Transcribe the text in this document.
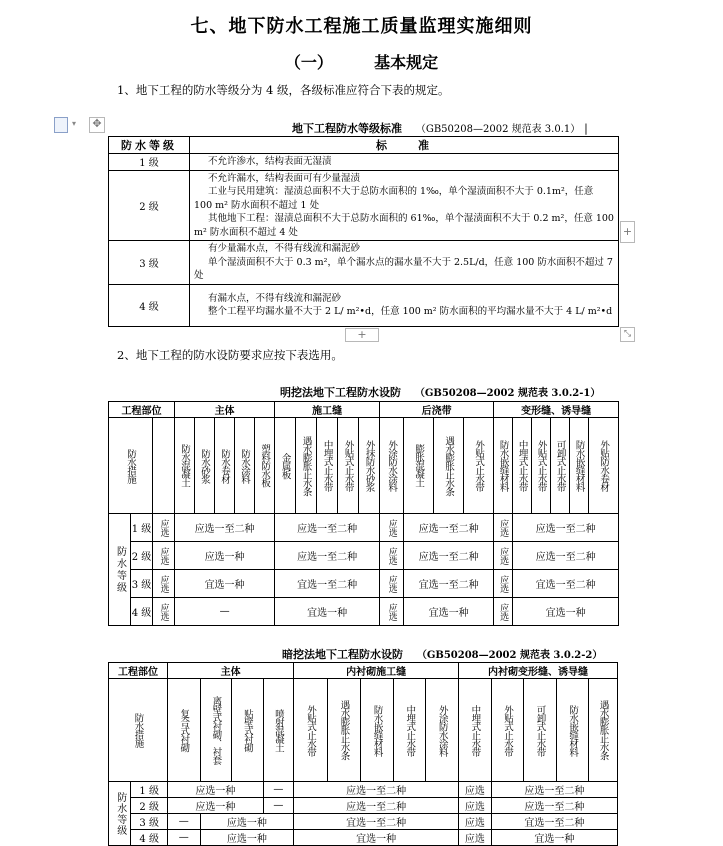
七、地下防水工程施工质量监理实施细则
（一）	基本规定
1、地下工程的防水等级分为 4 级，各级标准应符合下表的规定。
▾	✥	地下工程防水等级标准 （GB50208—2002 规范表 3.0.1） |
防水等级	标　　准
1 级	不允许渗水，结构表面无湿渍

2 级	不允许漏水，结构表面可有少量湿渍
工业与民用建筑：湿渍总面积不大于总防水面积的 1‰，单个湿渍面积不大于 0.1m²，任意 100 m² 防水面积不超过 1 处
其他地下工程：湿渍总面积不大于总防水面积的 61‰，单个湿渍面积不大于 0.2 m²，任意 100 m² 防水面积不超过 4 处

3 级	有少量漏水点，不得有线流和漏泥砂
单个湿渍面积不大于 0.3 m²，单个漏水点的漏水量不大于 2.5L/d，任意 100 防水面积不超过 7 处

4 级	有漏水点，不得有线流和漏泥砂
整个工程平均漏水量不大于 2 L/ m²•d，任意 100 m² 防水面积的平均漏水量不大于 4 L/ m²•d
+
+	⤡
2、地下工程的防水设防要求应按下表选用。
明挖法地下工程防水设防 （GB50208—2002 规范表 3.0.2-1）
工程部位			主体					施工缝					后浇带				变形缝、诱导缝						

防水措施			防水混凝土	防水砂浆	防水卷材	防水涂料	塑料防水板	金属板	遇水膨胀止水条	中埋式止水带	外贴式止水带	外抹防水砂浆	外涂防水涂料	膨胀混凝土	遇水膨胀止水条	外贴式止水带	防水嵌缝材料	中埋式止水带	外贴式止水带	可卸式止水带	防水嵌缝材料	外贴防水卷材

防水等级	1 级	应选	应选一至二种					应选一至二种					应选	应选一至二种			应选	应选一至二种					
	2 级	应选	应选一种					应选一至二种					应选	应选一至二种			应选	应选一至二种					
	3 级	应选	宜选一种					宜选一至二种					应选	宜选一至二种			应选	宜选一至二种					
	4 级	应选	—					宜选一种					应选	宜选一种			应选	宜选一种					
暗挖法地下工程防水设防 （GB50208—2002 规范表 3.0.2-2）
工程部位		主体				内衬砌施工缝					内衬砌变形缝、诱导缝				

防水措施		复合式衬砌	离壁式衬砌、衬套	贴壁式衬砌	喷射混凝土	外贴式止水带	遇水膨胀止水条	防水嵌缝材料	中埋式止水带	外涂防水涂料	中埋式止水带	外贴式止水带	可卸式止水带	防水嵌缝材料	遇水膨胀止水条

防水等级	1 级	应选一种			—	应选一至二种					应选	应选一至二种			
	2 级	应选一种			—	应选一至二种					应选	应选一至二种			
	3 级	—	应选一种			宜选一至二种					应选	宜选一至二种			
	4 级	—	应选一种			宜选一种					应选	宜选一种			
